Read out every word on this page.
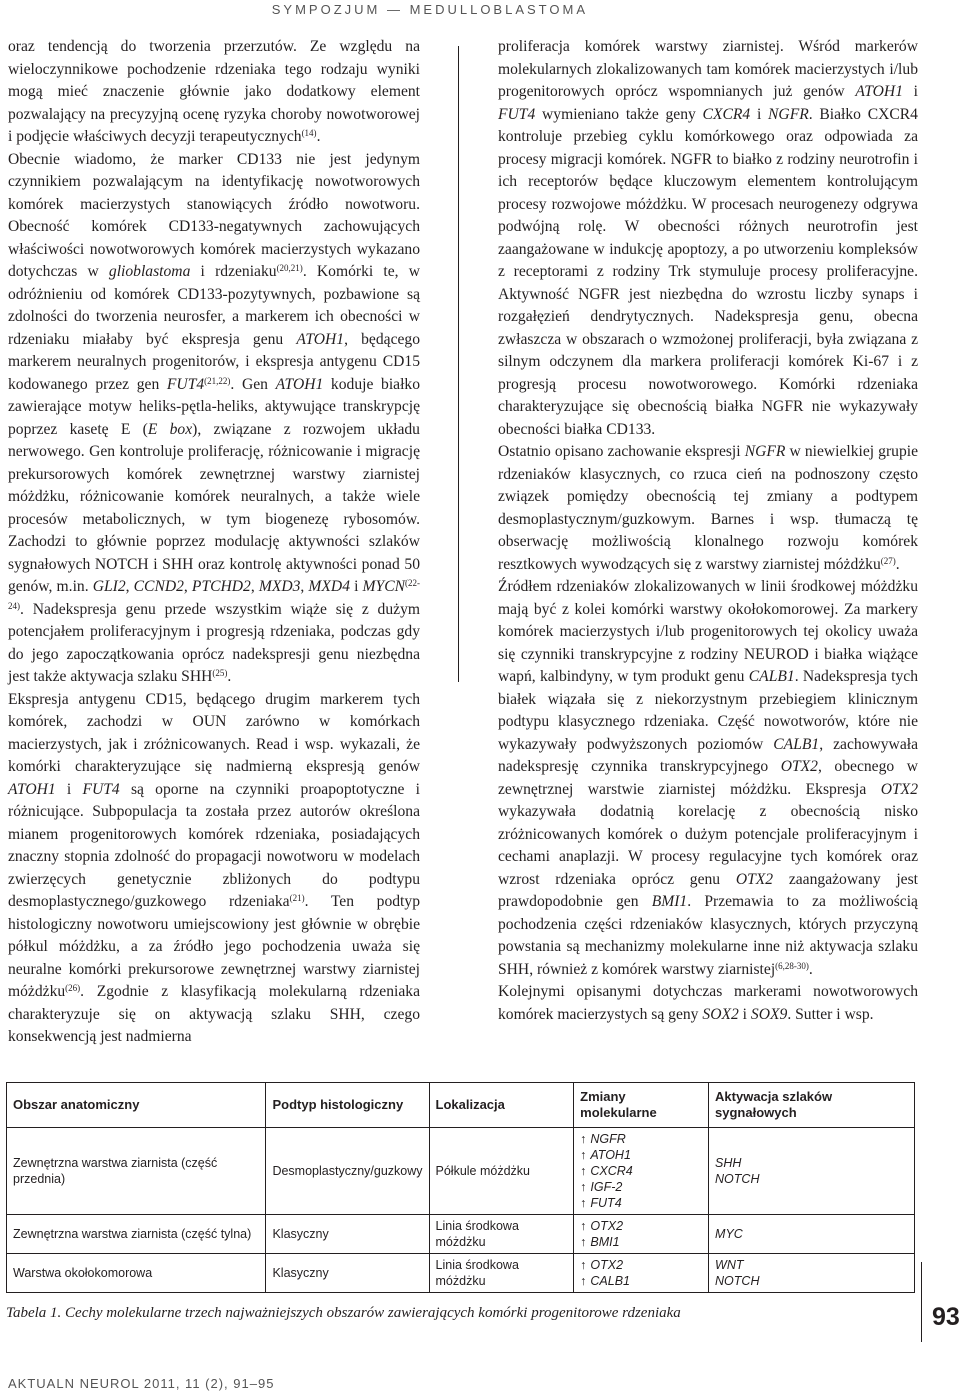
SYMPOZJUM — MEDULLOBLASTOMA

oraz tendencją do tworzenia przerzutów. Ze względu na wieloczynnikowe pochodzenie rdzeniaka tego rodzaju wyniki mogą mieć znaczenie głównie jako dodatkowy element pozwalający na precyzyjną ocenę ryzyka choroby nowotworowej i podjęcie właściwych decyzji terapeutycznych$^{(14)}$.

Obecnie wiadomo, że marker CD133 nie jest jedynym czynnikiem pozwalającym na identyfikację nowotworowych komórek macierzystych stanowiących źródło nowotworu. Obecność komórek CD133-negatywnych zachowujących właściwości nowotworowych komórek macierzystych wykazano dotychczas w glioblastoma i rdzeniaku$^{(20,21)}$. Komórki te, w odróżnieniu od komórek CD133-pozytywnych, pozbawione są zdolności do tworzenia neurosfer, a markerem ich obecności w rdzeniaku miałaby być ekspresja genu ATOH1, będącego markerem neuralnych progenitorów, i ekspresja antygenu CD15 kodowanego przez gen FUT4$^{(21,22)}$. Gen ATOH1 koduje białko zawierające motyw heliks-pętla-heliks, aktywujące transkrypcję poprzez kasetę E (E box), związane z rozwojem układu nerwowego. Gen kontroluje proliferację, różnicowanie i migrację prekursorowych komórek zewnętrznej warstwy ziarnistej móżdżku, różnicowanie komórek neuralnych, a także wiele procesów metabolicznych, w tym biogenezę rybosomów. Zachodzi to głównie poprzez modulację aktywności szlaków sygnałowych NOTCH i SHH oraz kontrolę aktywności ponad 50 genów, m.in. GLI2, CCND2, PTCHD2, MXD3, MXD4 i MYCN$^{(22-24)}$. Nadekspresja genu przede wszystkim wiąże się z dużym potencjałem proliferacyjnym i progresją rdzeniaka, podczas gdy do jego zapoczątkowania oprócz nadekspresji genu niezbędna jest także aktywacja szlaku SHH$^{(25)}$.

Ekspresja antygenu CD15, będącego drugim markerem tych komórek, zachodzi w OUN zarówno w komórkach macierzystych, jak i zróżnicowanych. Read i wsp. wykazali, że komórki charakteryzujące się nadmierną ekspresją genów ATOH1 i FUT4 są oporne na czynniki proapoptotyczne i różnicujące. Subpopulacja ta została przez autorów określona mianem progenitorowych komórek rdzeniaka, posiadających znaczny stopnia zdolność do propagacji nowotworu w modelach zwierzęcych genetycznie zbliżonych do podtypu desmoplastycznego/guzkowego rdzeniaka$^{(21)}$. Ten podtyp histologiczny nowotworu umiejscowiony jest głównie w obrębie półkul móżdżku, a za źródło jego pochodzenia uważa się neuralne komórki prekursorowe zewnętrznej warstwy ziarnistej móżdżku$^{(26)}$. Zgodnie z klasyfikacją molekularną rdzeniaka charakteryzuje się on aktywacją szlaku SHH, czego konsekwencją jest nadmierna

proliferacja komórek warstwy ziarnistej. Wśród markerów molekularnych zlokalizowanych tam komórek macierzystych i/lub progenitorowych oprócz wspomnianych już genów ATOH1 i FUT4 wymieniano także geny CXCR4 i NGFR. Białko CXCR4 kontroluje przebieg cyklu komórkowego oraz odpowiada za procesy migracji komórek. NGFR to białko z rodziny neurotrofin i ich receptorów będące kluczowym elementem kontrolującym procesy rozwojowe móżdżku. W procesach neurogenezy odgrywa podwójną rolę. W obecności różnych neurotrofin jest zaangażowane w indukcję apoptozy, a po utworzeniu kompleksów z receptorami z rodziny Trk stymuluje procesy proliferacyjne. Aktywność NGFR jest niezbędna do wzrostu liczby synaps i rozgałęzień dendrytycznych. Nadekspresja genu, obecna zwłaszcza w obszarach o wzmożonej proliferacji, była związana z silnym odczynem dla markera proliferacji komórek Ki-67 i z progresją procesu nowotworowego. Komórki rdzeniaka charakteryzujące się obecnością białka NGFR nie wykazywały obecności białka CD133.

Ostatnio opisano zachowanie ekspresji NGFR w niewielkiej grupie rdzeniaków klasycznych, co rzuca cień na podnoszony często związek pomiędzy obecnością tej zmiany a podtypem desmoplastycznym/guzkowym. Barnes i wsp. tłumaczą tę obserwację możliwością klonalnego rozwoju komórek resztkowych wywodzących się z warstwy ziarnistej móżdżku$^{(27)}$.

Źródłem rdzeniaków zlokalizowanych w linii środkowej móżdżku mają być z kolei komórki warstwy okołokomorowej. Za markery komórek macierzystych i/lub progenitorowych tej okolicy uważa się czynniki transkrypcyjne z rodziny NEUROD i białka wiążące wapń, kalbindyny, w tym produkt genu CALB1. Nadekspresja tych białek wiązała się z niekorzystnym przebiegiem klinicznym podtypu klasycznego rdzeniaka. Część nowotworów, które nie wykazywały podwyższonych poziomów CALB1, zachowywała nadekspresję czynnika transkrypcyjnego OTX2, obecnego w zewnętrznej warstwie ziarnistej móżdżku. Ekspresja OTX2 wykazywała dodatnią korelację z obecnością nisko zróżnicowanych komórek o dużym potencjale proliferacyjnym i cechami anaplazji. W procesy regulacyjne tych komórek oraz wzrost rdzeniaka oprócz genu OTX2 zaangażowany jest prawdopodobnie gen BMI1. Przemawia to za możliwością pochodzenia części rdzeniaków klasycznych, których przyczyną powstania są mechanizmy molekularne inne niż aktywacja szlaku SHH, również z komórek warstwy ziarnistej$^{(6,28-30)}$.

Kolejnymi opisanymi dotychczas markerami nowotworowych komórek macierzystych są geny SOX2 i SOX9. Sutter i wsp.

Obszar anatomiczny	Podtyp histologiczny	Lokalizacja	Zmiany molekularne	Aktywacja szlaków sygnałowych
Zewnętrzna warstwa ziarnista (część przednia)	Desmoplastyczny/guzkowy	Półkule móżdżku	↑ NGFR
↑ ATOH1
↑ CXCR4
↑ IGF-2
↑ FUT4	SHH
NOTCH

Zewnętrzna warstwa ziarnista (część tylna)	Klasyczny	Linia środkowa móżdżku	↑ OTX2
↑ BMI1	MYC

Warstwa okołokomorowa	Klasyczny	Linia środkowa móżdżku	↑ OTX2
↑ CALB1	WNT
NOTCH
Tabela 1. Cechy molekularne trzech najważniejszych obszarów zawierających komórki progenitorowe rdzeniaka	93
AKTUALN NEUROL 2011, 11 (2), 91–95
